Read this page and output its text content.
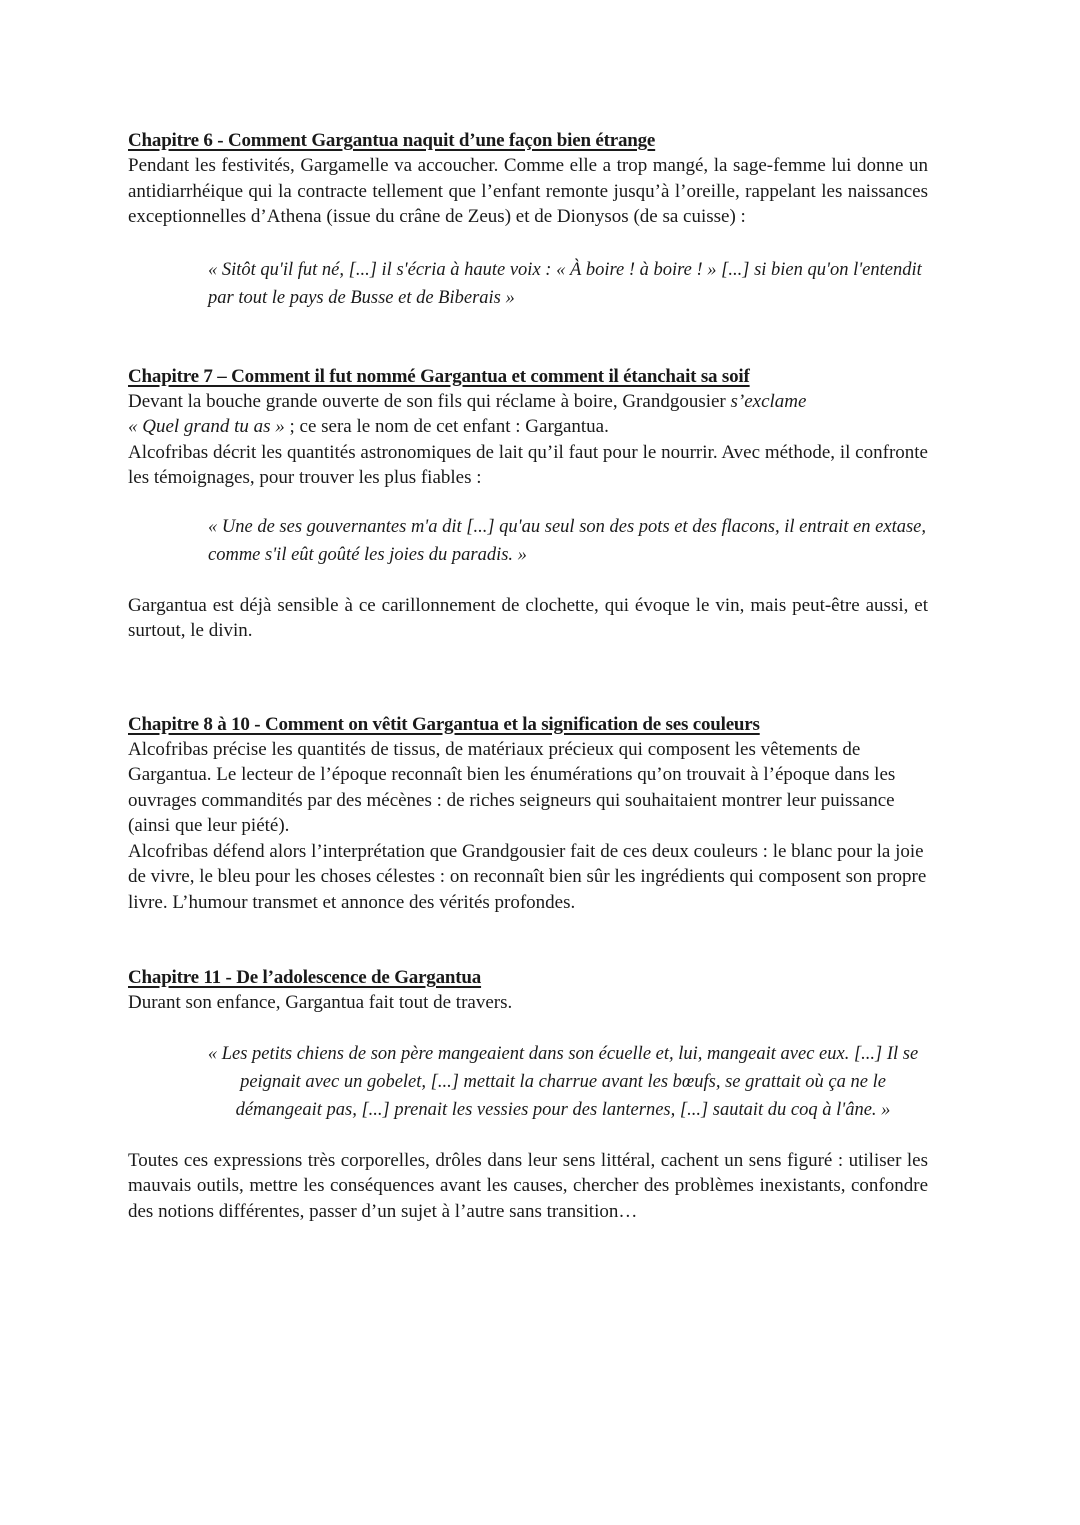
Chapitre 6 - Comment Gargantua naquit d’une façon bien étrange

Pendant les festivités, Gargamelle va accoucher. Comme elle a trop mangé, la sage-femme lui donne un antidiarrhéique qui la contracte tellement que l’enfant remonte jusqu’à l’oreille, rappelant les naissances exceptionnelles d’Athena (issue du crâne de Zeus) et de Dionysos (de sa cuisse) :

« Sitôt qu'il fut né, [...] il s'écria à haute voix : « À boire ! à boire ! » [...] si bien qu'on l'entendit par tout le pays de Busse et de Biberais »

Chapitre 7 – Comment il fut nommé Gargantua et comment il étanchait sa soif

Devant la bouche grande ouverte de son fils qui réclame à boire, Grandgousier s’exclame
« Quel grand tu as » ; ce sera le nom de cet enfant : Gargantua.

Alcofribas décrit les quantités astronomiques de lait qu’il faut pour le nourrir. Avec méthode, il confronte les témoignages, pour trouver les plus fiables :

« Une de ses gouvernantes m'a dit [...] qu'au seul son des pots et des flacons, il entrait en extase, comme s'il eût goûté les joies du paradis. »

Gargantua est déjà sensible à ce carillonnement de clochette, qui évoque le vin, mais peut-être aussi, et surtout, le divin.

Chapitre 8 à 10 - Comment on vêtit Gargantua et la signification de ses couleurs

Alcofribas précise les quantités de tissus, de matériaux précieux qui composent les vêtements de Gargantua. Le lecteur de l’époque reconnaît bien les énumérations qu’on trouvait à l’époque dans les ouvrages commandités par des mécènes : de riches seigneurs qui souhaitaient montrer leur puissance (ainsi que leur piété).

Alcofribas défend alors l’interprétation que Grandgousier fait de ces deux couleurs : le blanc pour la joie de vivre, le bleu pour les choses célestes : on reconnaît bien sûr les ingrédients qui composent son propre livre. L’humour transmet et annonce des vérités profondes.

Chapitre 11 - De l’adolescence de Gargantua

Durant son enfance, Gargantua fait tout de travers.

« Les petits chiens de son père mangeaient dans son écuelle et, lui, mangeait avec eux. [...] Il se peignait avec un gobelet, [...] mettait la charrue avant les bœufs, se grattait où ça ne le démangeait pas, [...] prenait les vessies pour des lanternes, [...] sautait du coq à l'âne. »

Toutes ces expressions très corporelles, drôles dans leur sens littéral, cachent un sens figuré : utiliser les mauvais outils, mettre les conséquences avant les causes, chercher des problèmes inexistants, confondre des notions différentes, passer d’un sujet à l’autre sans transition…
